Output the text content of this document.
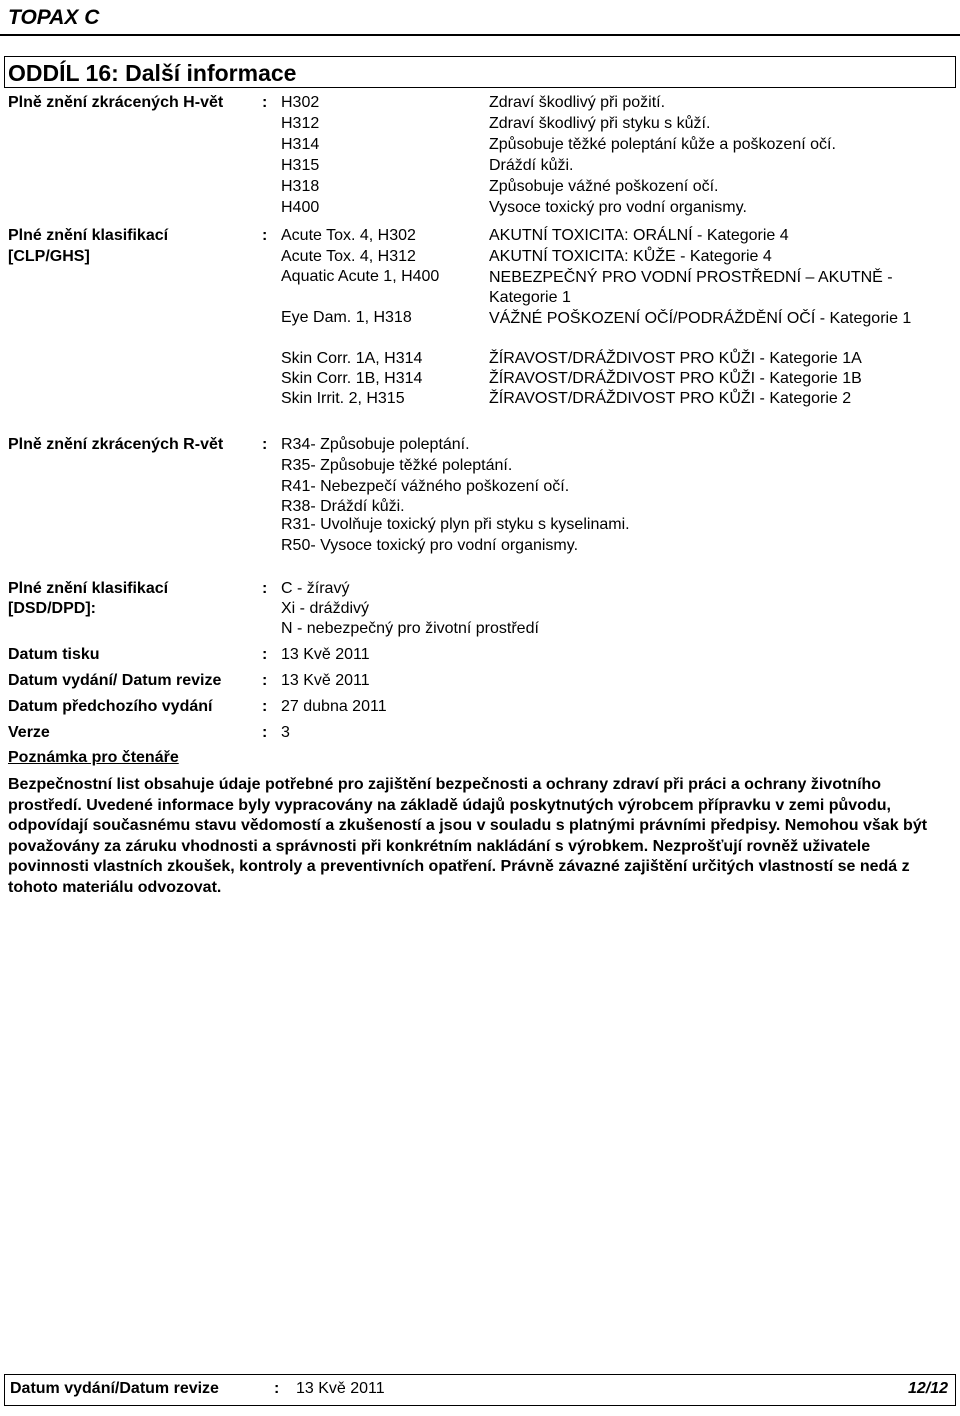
TOPAX C
ODDÍL 16: Další informace
Plně znění zkrácených H-vět : H302	Zdraví škodlivý při požití.
H312	Zdraví škodlivý při styku s kůží.
H314	Způsobuje těžké poleptání kůže a poškození očí.
H315	Dráždí kůži.
H318	Způsobuje vážné poškození očí.
H400	Vysoce toxický pro vodní organismy.
Plné znění klasifikací
[CLP/GHS]
: Acute Tox. 4, H302	AKUTNÍ TOXICITA: ORÁLNÍ - Kategorie 4
Acute Tox. 4, H312	AKUTNÍ TOXICITA: KŮŽE - Kategorie 4
Aquatic Acute 1, H400	NEBEZPEČNÝ PRO VODNÍ PROSTŘEDNÍ – AKUTNĚ - Kategorie 1
Eye Dam. 1, H318	VÁŽNÉ POŠKOZENÍ OČÍ/PODRÁŽDĚNÍ OČÍ - Kategorie 1
Skin Corr. 1A, H314	ŽÍRAVOST/DRÁŽDIVOST PRO KŮŽI - Kategorie 1A
Skin Corr. 1B, H314	ŽÍRAVOST/DRÁŽDIVOST PRO KŮŽI - Kategorie 1B
Skin Irrit. 2, H315	ŽÍRAVOST/DRÁŽDIVOST PRO KŮŽI - Kategorie 2
Plně znění zkrácených R-vět : R34- Způsobuje poleptání.
R35- Způsobuje těžké poleptání.
R41- Nebezpečí vážného poškození očí.
R38- Dráždí kůži.
R31- Uvolňuje toxický plyn při styku s kyselinami.
R50- Vysoce toxický pro vodní organismy.
Plné znění klasifikací
[DSD/DPD]:
: C - žíravý
Xi - dráždivý
N - nebezpečný pro životní prostředí
Datum tisku	: 13 Kvě 2011
Datum vydání/ Datum revize	: 13 Kvě 2011
Datum předchozího vydání	: 27 dubna 2011
Verze	: 3
Poznámka pro čtenáře
Bezpečnostní list obsahuje údaje potřebné pro zajištění bezpečnosti a ochrany zdraví při práci a ochrany životního prostředí. Uvedené informace byly vypracovány na základě údajů poskytnutých výrobcem přípravku v zemi původu, odpovídají současnému stavu vědomostí a zkušeností a jsou v souladu s platnými právními předpisy. Nemohou však být považovány za záruku vhodnosti a správnosti při konkrétním nakládání s výrobkem. Nezprošťují rovněž uživatele povinnosti vlastních zkoušek, kontroly a preventivních opatření. Právně závazné zajištění určitých vlastností se nedá z tohoto materiálu odvozovat.
Datum vydání/Datum revize	: 13 Kvě 2011	12/12
